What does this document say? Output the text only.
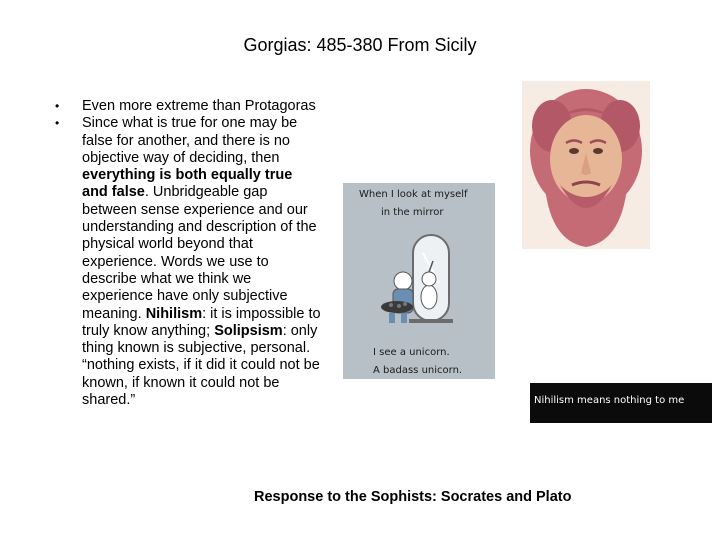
Gorgias: 485-380 From Sicily
• Even more extreme than Protagoras
• Since what is true for one may be false for another, and there is no objective way of deciding, then everything is both equally true and false. Unbridgeable gap between sense experience and our understanding and description of the physical world beyond that experience. Words we use to describe what we think we experience have only subjective meaning. Nihilism: it is impossible to truly know anything; Solipsism: only thing known is subjective, personal. “nothing exists, if it did it could not be known, if known it could not be shared.”
When I look at myself
in the mirror
I see a unicorn.
A badass unicorn.
Nihilism means nothing to me
Response to the Sophists: Socrates and Plato
